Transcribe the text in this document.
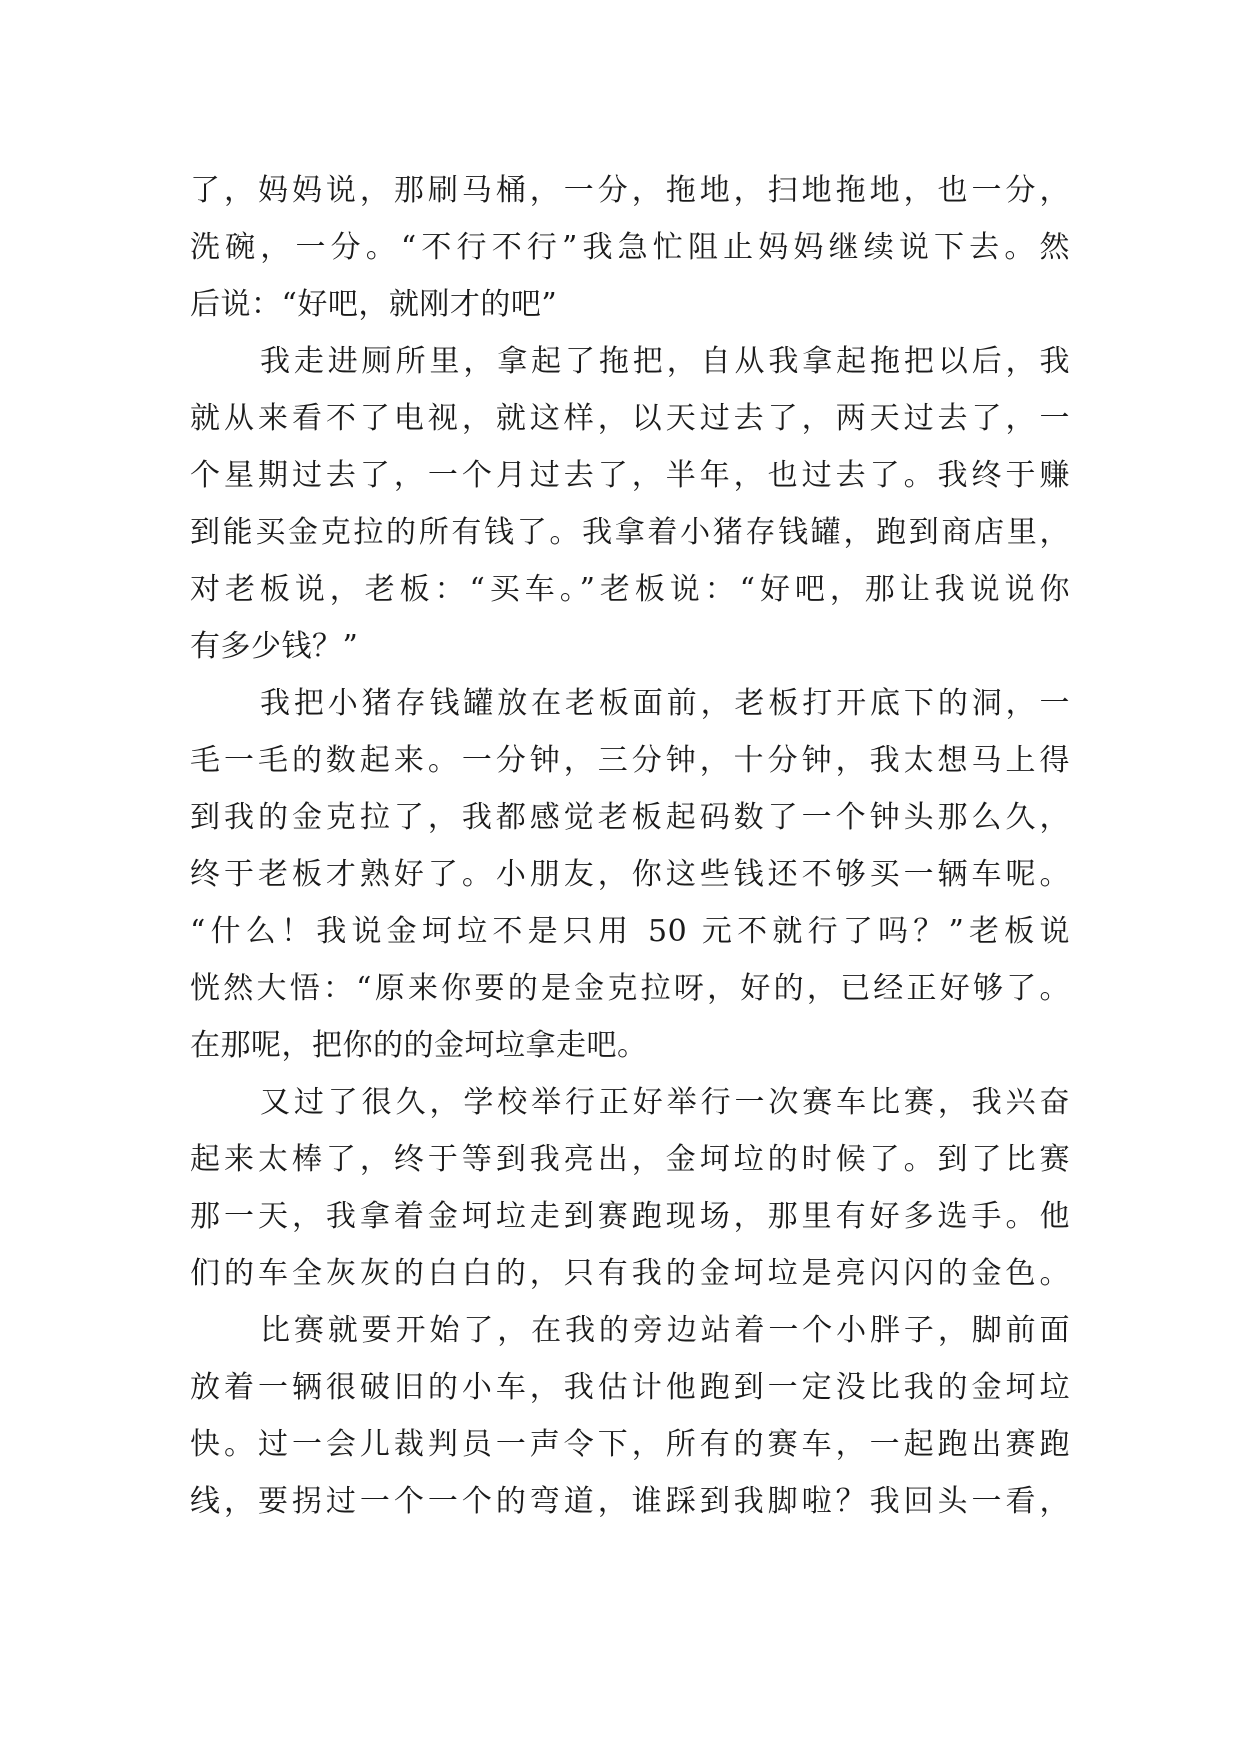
了，妈妈说，那刷马桶，一分，拖地，扫地拖地，也一分，
洗碗，一分。“不行不行”我急忙阻止妈妈继续说下去。然
后说：“好吧，就刚才的吧”
我走进厕所里，拿起了拖把，自从我拿起拖把以后，我
就从来看不了电视，就这样，以天过去了，两天过去了，一
个星期过去了，一个月过去了，半年，也过去了。我终于赚
到能买金克拉的所有钱了。我拿着小猪存钱罐，跑到商店里，
对老板说，老板：“买车。”老板说：“好吧，那让我说说你
有多少钱？”
我把小猪存钱罐放在老板面前，老板打开底下的洞，一
毛一毛的数起来。一分钟，三分钟，十分钟，我太想马上得
到我的金克拉了，我都感觉老板起码数了一个钟头那么久，
终于老板才熟好了。小朋友，你这些钱还不够买一辆车呢。
“什么！我说金坷垃不是只用 50 元不就行了吗？”老板说
恍然大悟：“原来你要的是金克拉呀，好的，已经正好够了。
在那呢，把你的的金坷垃拿走吧。
又过了很久，学校举行正好举行一次赛车比赛，我兴奋
起来太棒了，终于等到我亮出，金坷垃的时候了。到了比赛
那一天，我拿着金坷垃走到赛跑现场，那里有好多选手。他
们的车全灰灰的白白的，只有我的金坷垃是亮闪闪的金色。
比赛就要开始了，在我的旁边站着一个小胖子，脚前面
放着一辆很破旧的小车，我估计他跑到一定没比我的金坷垃
快。过一会儿裁判员一声令下，所有的赛车，一起跑出赛跑
线，要拐过一个一个的弯道，谁踩到我脚啦？我回头一看，
